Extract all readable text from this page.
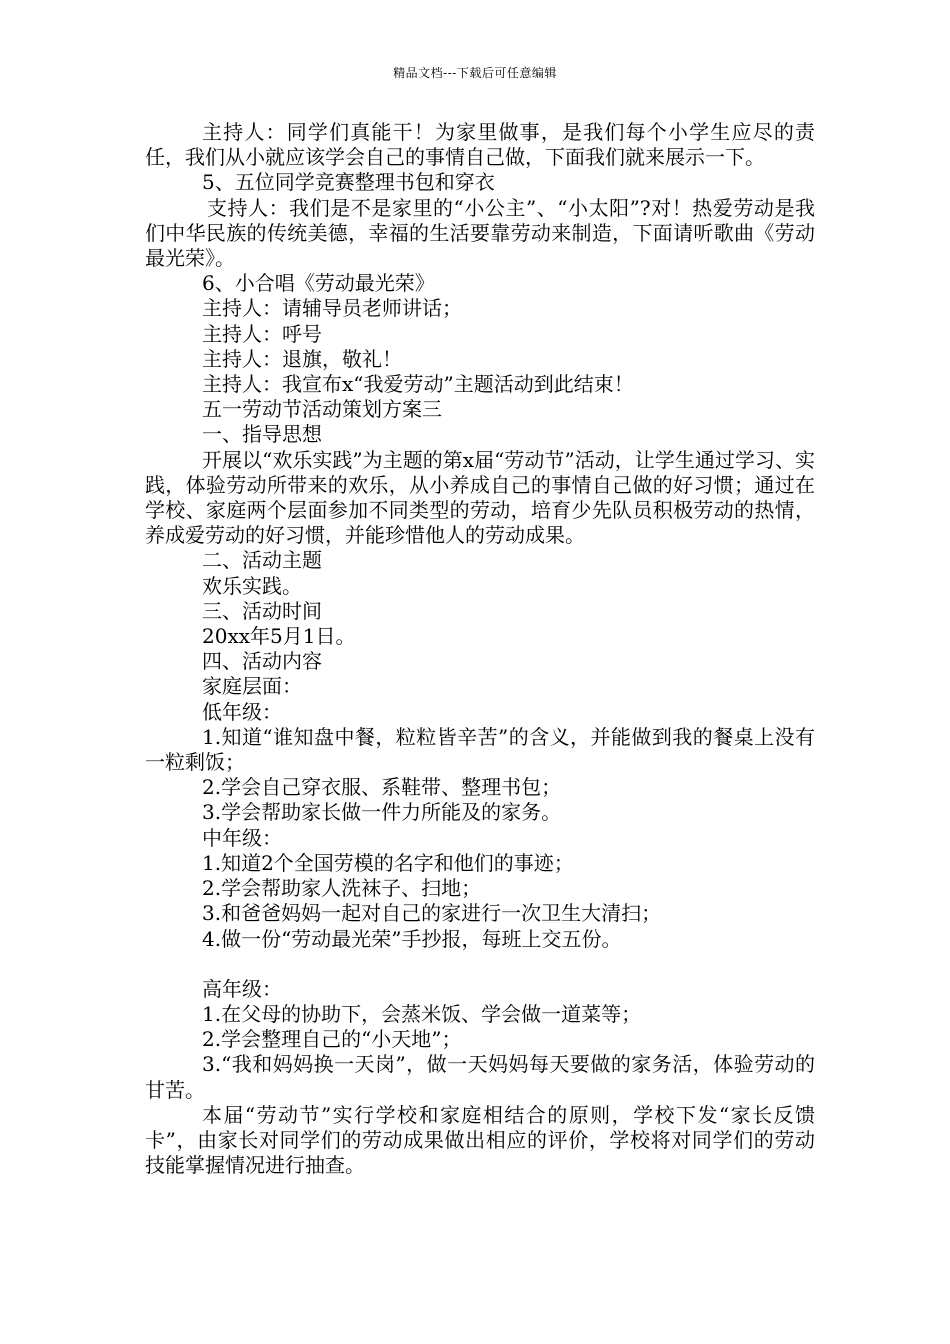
精品文档---下载后可任意编辑

主持人：同学们真能干！为家里做事，是我们每个小学生应尽的责任，我们从小就应该学会自己的事情自己做，下面我们就来展示一下。

5、五位同学竞赛整理书包和穿衣

支持人：我们是不是家里的“小公主”、“小太阳”?对！热爱劳动是我们中华民族的传统美德，幸福的生活要靠劳动来制造，下面请听歌曲《劳动最光荣》。

6、小合唱《劳动最光荣》

主持人：请辅导员老师讲话；

主持人：呼号

主持人：退旗，敬礼！

主持人：我宣布x“我爱劳动”主题活动到此结束！

五一劳动节活动策划方案三

一、指导思想

开展以“欢乐实践”为主题的第x届“劳动节”活动，让学生通过学习、实践，体验劳动所带来的欢乐，从小养成自己的事情自己做的好习惯；通过在学校、家庭两个层面参加不同类型的劳动，培育少先队员积极劳动的热情，养成爱劳动的好习惯，并能珍惜他人的劳动成果。

二、活动主题

欢乐实践。

三、活动时间

20xx年5月1日。

四、活动内容

家庭层面：

低年级：

1.知道“谁知盘中餐，粒粒皆辛苦”的含义，并能做到我的餐桌上没有一粒剩饭；

2.学会自己穿衣服、系鞋带、整理书包；

3.学会帮助家长做一件力所能及的家务。

中年级：

1.知道2个全国劳模的名字和他们的事迹；

2.学会帮助家人洗袜子、扫地；

3.和爸爸妈妈一起对自己的家进行一次卫生大清扫；

4.做一份“劳动最光荣”手抄报，每班上交五份。

高年级：

1.在父母的协助下，会蒸米饭、学会做一道菜等；

2.学会整理自己的“小天地”；

3.“我和妈妈换一天岗”，做一天妈妈每天要做的家务活，体验劳动的甘苦。

本届“劳动节”实行学校和家庭相结合的原则，学校下发“家长反馈卡”，由家长对同学们的劳动成果做出相应的评价，学校将对同学们的劳动技能掌握情况进行抽查。
